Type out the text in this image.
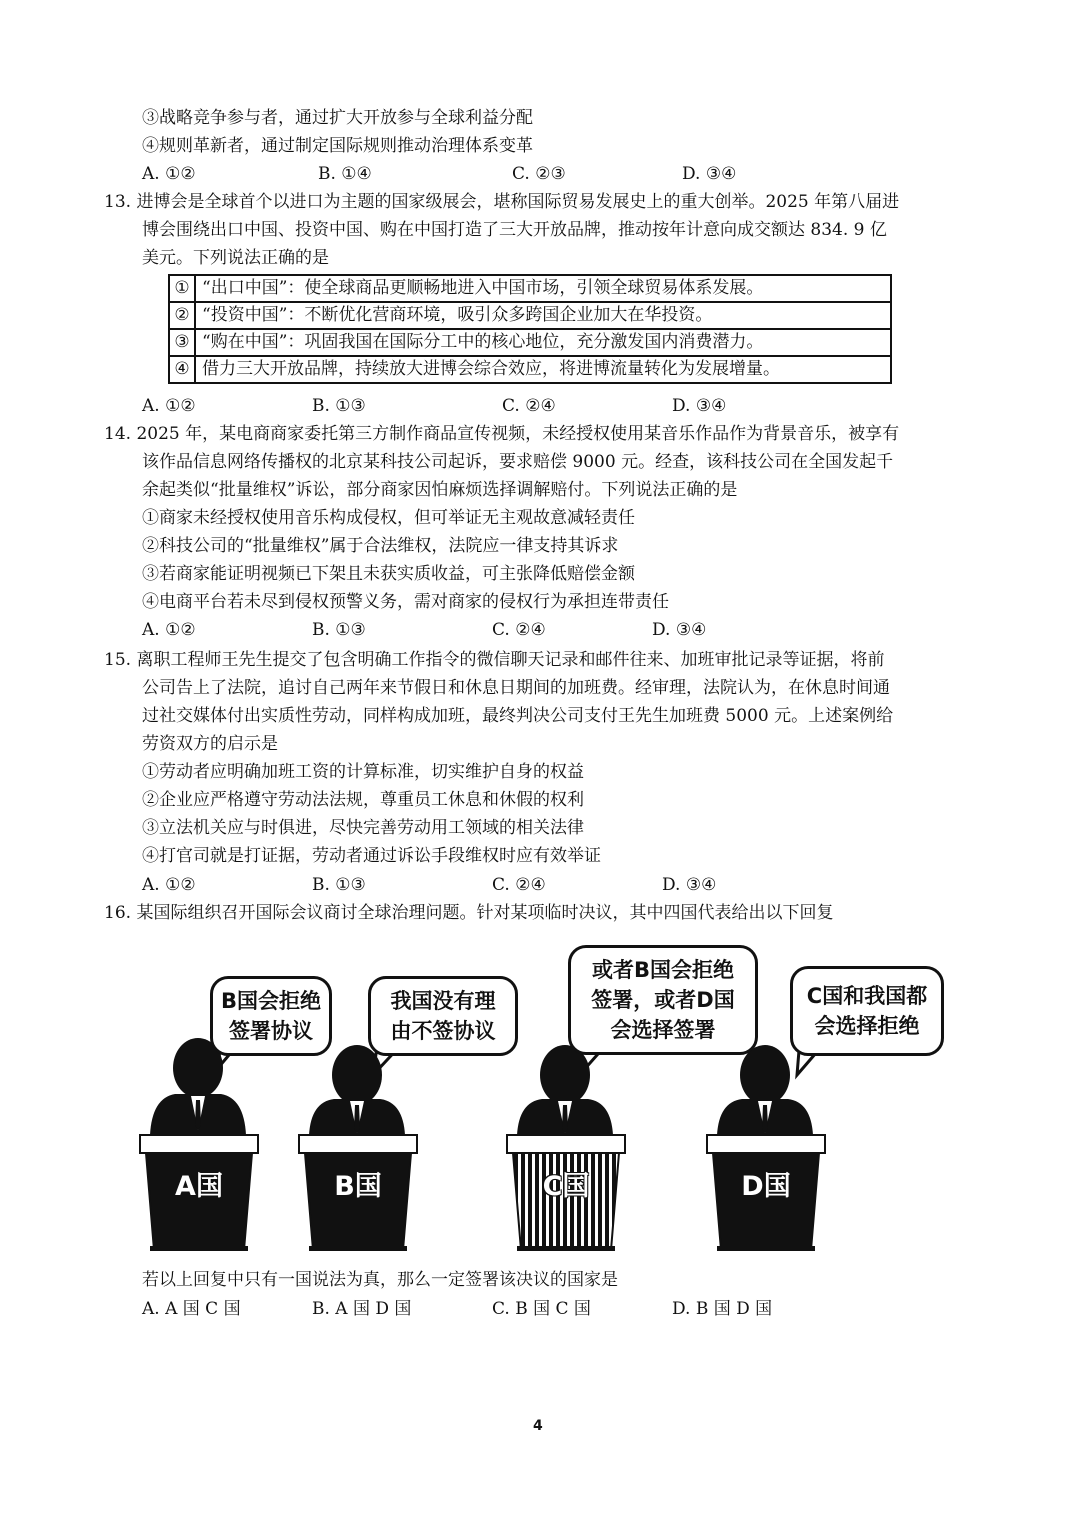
③战略竞争参与者，通过扩大开放参与全球利益分配
④规则革新者，通过制定国际规则推动治理体系变革
A. ①②	B. ①④	C. ②③	D. ③④
13. 进博会是全球首个以进口为主题的国家级展会，堪称国际贸易发展史上的重大创举。2025 年第八届进
博会围绕出口中国、投资中国、购在中国打造了三大开放品牌，推动按年计意向成交额达 834. 9 亿
美元。下列说法正确的是
①	“出口中国”：使全球商品更顺畅地进入中国市场，引领全球贸易体系发展。
②	“投资中国”：不断优化营商环境，吸引众多跨国企业加大在华投资。
③	“购在中国”：巩固我国在国际分工中的核心地位，充分激发国内消费潜力。
④	借力三大开放品牌，持续放大进博会综合效应，将进博流量转化为发展增量。
A. ①②	B. ①③	C. ②④	D. ③④
14. 2025 年，某电商商家委托第三方制作商品宣传视频，未经授权使用某音乐作品作为背景音乐，被享有
该作品信息网络传播权的北京某科技公司起诉，要求赔偿 9000 元。经查，该科技公司在全国发起千
余起类似“批量维权”诉讼，部分商家因怕麻烦选择调解赔付。下列说法正确的是
①商家未经授权使用音乐构成侵权，但可举证无主观故意减轻责任
②科技公司的“批量维权”属于合法维权，法院应一律支持其诉求
③若商家能证明视频已下架且未获实质收益，可主张降低赔偿金额
④电商平台若未尽到侵权预警义务，需对商家的侵权行为承担连带责任
A. ①②	B. ①③	C. ②④	D. ③④
15. 离职工程师王先生提交了包含明确工作指令的微信聊天记录和邮件往来、加班审批记录等证据，将前
公司告上了法院，追讨自己两年来节假日和休息日期间的加班费。经审理，法院认为，在休息时间通
过社交媒体付出实质性劳动，同样构成加班，最终判决公司支付王先生加班费 5000 元。上述案例给
劳资双方的启示是
①劳动者应明确加班工资的计算标准，切实维护自身的权益
②企业应严格遵守劳动法法规，尊重员工休息和休假的权利
③立法机关应与时俱进，尽快完善劳动用工领域的相关法律
④打官司就是打证据，劳动者通过诉讼手段维权时应有效举证
A. ①②	B. ①③	C. ②④	D. ③④
16. 某国际组织召开国际会议商讨全球治理问题。针对某项临时决议，其中四国代表给出以下回复
B国会拒绝
签署协议
我国没有理
由不签协议
或者B国会拒绝
签署，或者D国
会选择签署
C国和我国都
会选择拒绝
A国	B国	C国	D国
若以上回复中只有一国说法为真，那么一定签署该决议的国家是
A. A 国 C 国	B. A 国 D 国	C. B 国 C 国	D. B 国 D 国
4
